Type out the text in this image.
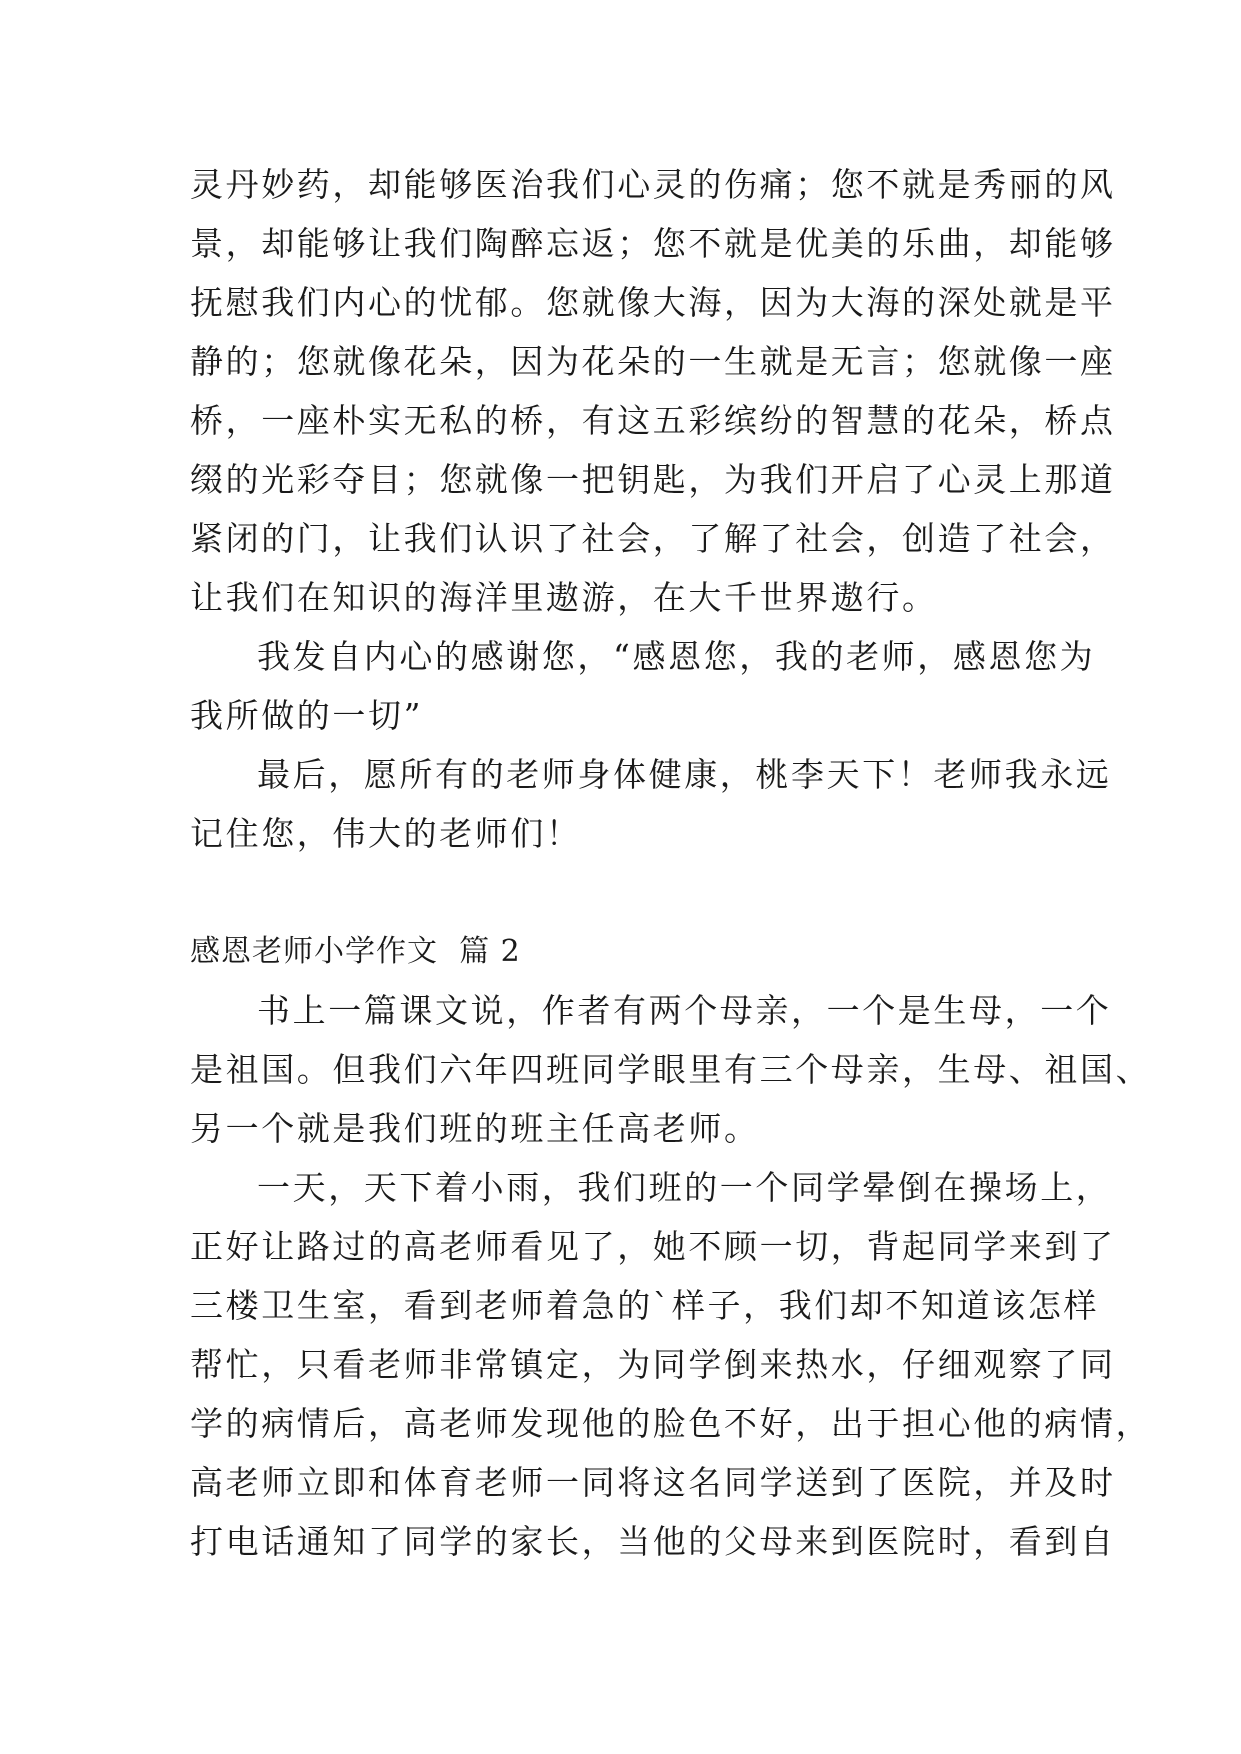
灵丹妙药，却能够医治我们心灵的伤痛；您不就是秀丽的风
景，却能够让我们陶醉忘返；您不就是优美的乐曲，却能够
抚慰我们内心的忧郁。您就像大海，因为大海的深处就是平
静的；您就像花朵，因为花朵的一生就是无言；您就像一座
桥，一座朴实无私的桥，有这五彩缤纷的智慧的花朵，桥点
缀的光彩夺目；您就像一把钥匙，为我们开启了心灵上那道
紧闭的门，让我们认识了社会，了解了社会，创造了社会，
让我们在知识的海洋里遨游，在大千世界遨行。
我发自内心的感谢您，“感恩您，我的老师，感恩您为
我所做的一切”
最后，愿所有的老师身体健康，桃李天下！老师我永远
记住您，伟大的老师们！
感恩老师小学作文  篇 2
书上一篇课文说，作者有两个母亲，一个是生母，一个
是祖国。但我们六年四班同学眼里有三个母亲，生母、祖国、
另一个就是我们班的班主任高老师。
一天，天下着小雨，我们班的一个同学晕倒在操场上，
正好让路过的高老师看见了，她不顾一切，背起同学来到了
三楼卫生室，看到老师着急的`样子，我们却不知道该怎样
帮忙，只看老师非常镇定，为同学倒来热水，仔细观察了同
学的病情后，高老师发现他的脸色不好，出于担心他的病情，
高老师立即和体育老师一同将这名同学送到了医院，并及时
打电话通知了同学的家长，当他的父母来到医院时，看到自
